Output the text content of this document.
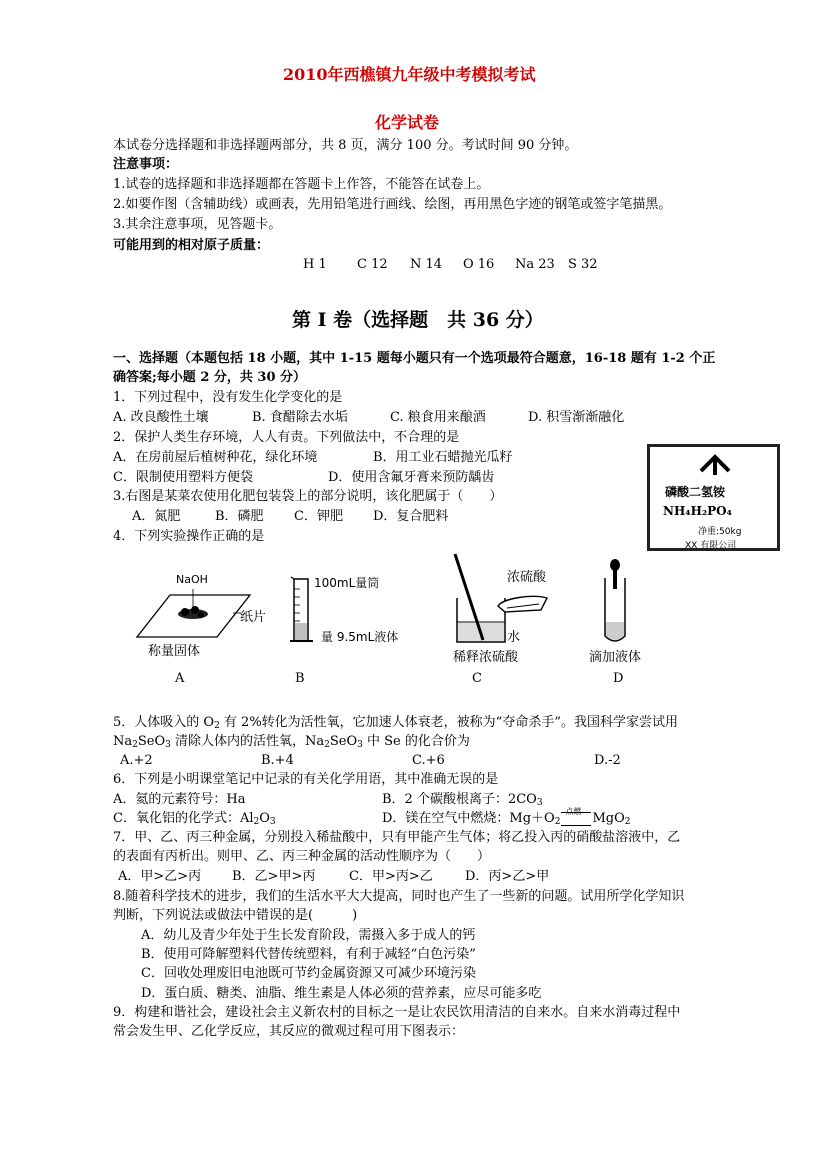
2010年西樵镇九年级中考模拟考试
化学试卷
本试卷分选择题和非选择题两部分，共 8 页，满分 100 分。考试时间 90 分钟。
注意事项：
1.试卷的选择题和非选择题都在答题卡上作答，不能答在试卷上。
2.如要作图（含辅助线）或画表，先用铅笔进行画线、绘图，再用黑色字迹的钢笔或签字笔描黑。
3.其余注意事项，见答题卡。
可能用到的相对原子质量：
H 1 C 12 N 14 O 16 Na 23 S 32
第 I 卷（选择题　共 36 分）
一、选择题（本题包括 18 小题，其中 1-15 题每小题只有一个选项最符合题意，16-18 题有 1-2 个正
确答案;每小题 2 分，共 30 分）
1．下列过程中，没有发生化学变化的是
A. 改良酸性土壤	B. 食醋除去水垢	C. 粮食用来酿酒	D. 积雪渐渐融化
2．保护人类生存环境，人人有责。下列做法中，不合理的是
A．在房前屋后植树种花，绿化环境	B．用工业石蜡抛光瓜籽
C．限制使用塑料方便袋	D．使用含氟牙膏来预防龋齿
3.右图是某菜农使用化肥包装袋上的部分说明，该化肥属于（　　）
A．氮肥	B．磷肥 C．钾肥 D．复合肥料
磷酸二氢铵
NH₄H₂PO₄
净重:50kg
XX 有限公司
4．下列实验操作正确的是
NaOH
纸片
称量固体
A
100mL量筒
量 9.5mL液体
B
浓硫酸
水
稀释浓硫酸
C
滴加液体
D
5．人体吸入的 $O_2$ 有 2%转化为活性氧，它加速人体衰老，被称为“夺命杀手”。我国科学家尝试用
$Na_2SeO_3$ 清除人体内的活性氧，$Na_2SeO_3$ 中 Se 的化合价为
A.+2	B.+4	C.+6	D.-2
6．下列是小明课堂笔记中记录的有关化学用语，其中准确无误的是
A．氦的元素符号：Ha	B．2 个碳酸根离子：$2CO_3$
C．氧化铝的化学式：$Al_2O_3$	D．镁在空气中燃烧：$Mg+O_2$
点燃 MgO$_2$
7．甲、乙、丙三种金属，分别投入稀盐酸中，只有甲能产生气体；将乙投入丙的硝酸盐溶液中，乙
的表面有丙析出。则甲、乙、丙三种金属的活动性顺序为（　　）
A．甲>乙>丙 B．乙>甲>丙	C．甲>丙>乙 D．丙>乙>甲
8.随着科学技术的进步，我们的生活水平大大提高，同时也产生了一些新的问题。试用所学化学知识
判断，下列说法或做法中错误的是(　　　)
A．幼儿及青少年处于生长发育阶段，需摄入多于成人的钙
B．使用可降解塑料代替传统塑料，有利于减轻“白色污染”
C．回收处理废旧电池既可节约金属资源又可减少环境污染
D．蛋白质、糖类、油脂、维生素是人体必须的营养素，应尽可能多吃
9．构建和谐社会，建设社会主义新农村的目标之一是让农民饮用清洁的自来水。自来水消毒过程中
常会发生甲、乙化学反应，其反应的微观过程可用下图表示：
